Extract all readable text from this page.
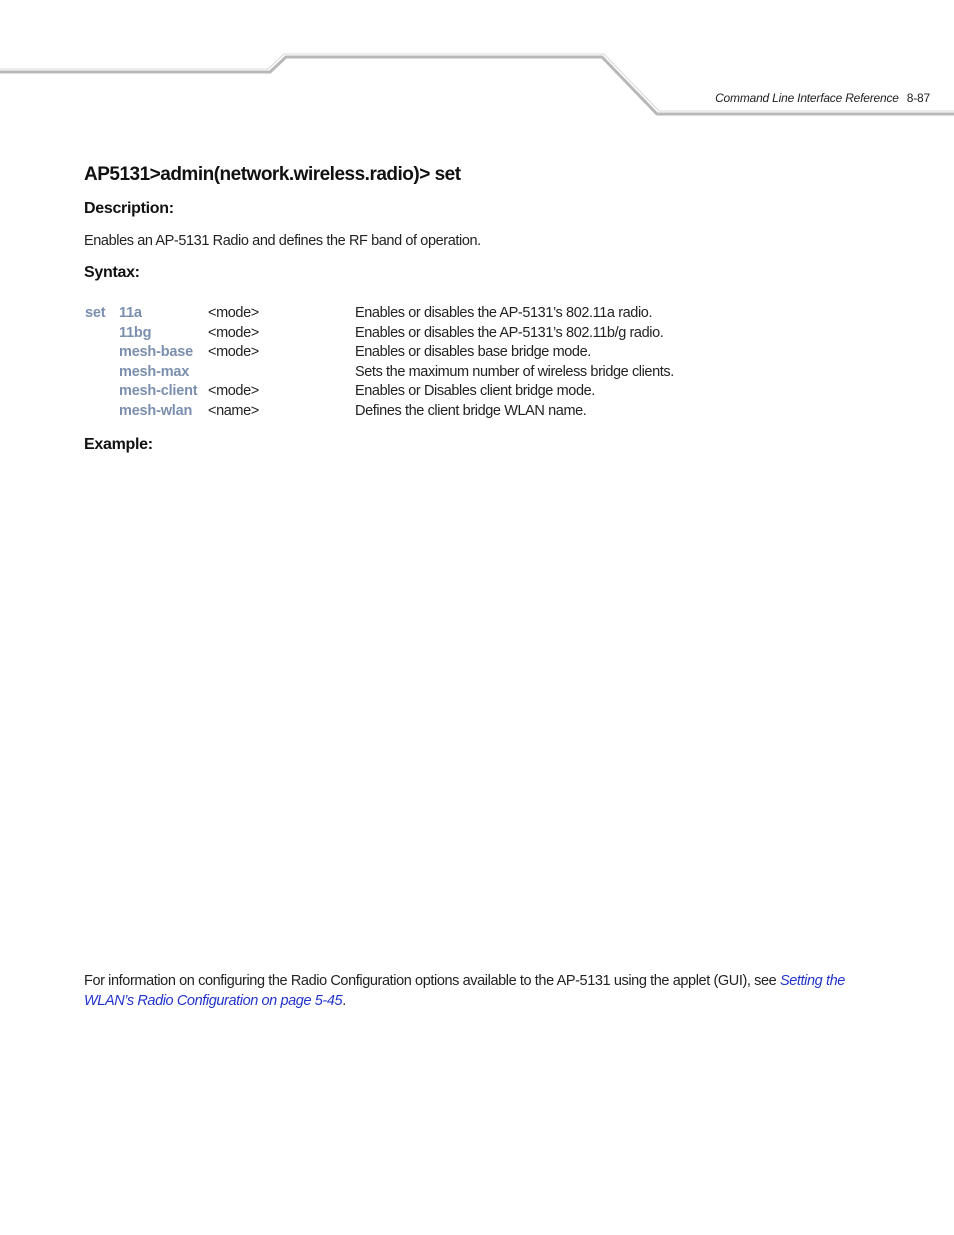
Command Line Interface Reference 8-87
AP5131>admin(network.wireless.radio)> set
Description:

Enables an AP-5131 Radio and defines the RF band of operation.

Syntax:
set 11a	<mode>	Enables or disables the AP-5131’s 802.11a radio.
11bg	<mode>	Enables or disables the AP-5131’s 802.11b/g radio.
mesh-base <mode>	Enables or disables base bridge mode.
mesh-max	Sets the maximum number of wireless bridge clients.
mesh-client <mode>	Enables or Disables client bridge mode.
mesh-wlan <name>	Defines the client bridge WLAN name.
Example:

For information on configuring the Radio Configuration options available to the AP-5131 using the applet (GUI), see Setting the WLAN’s Radio Configuration on page 5-45.
